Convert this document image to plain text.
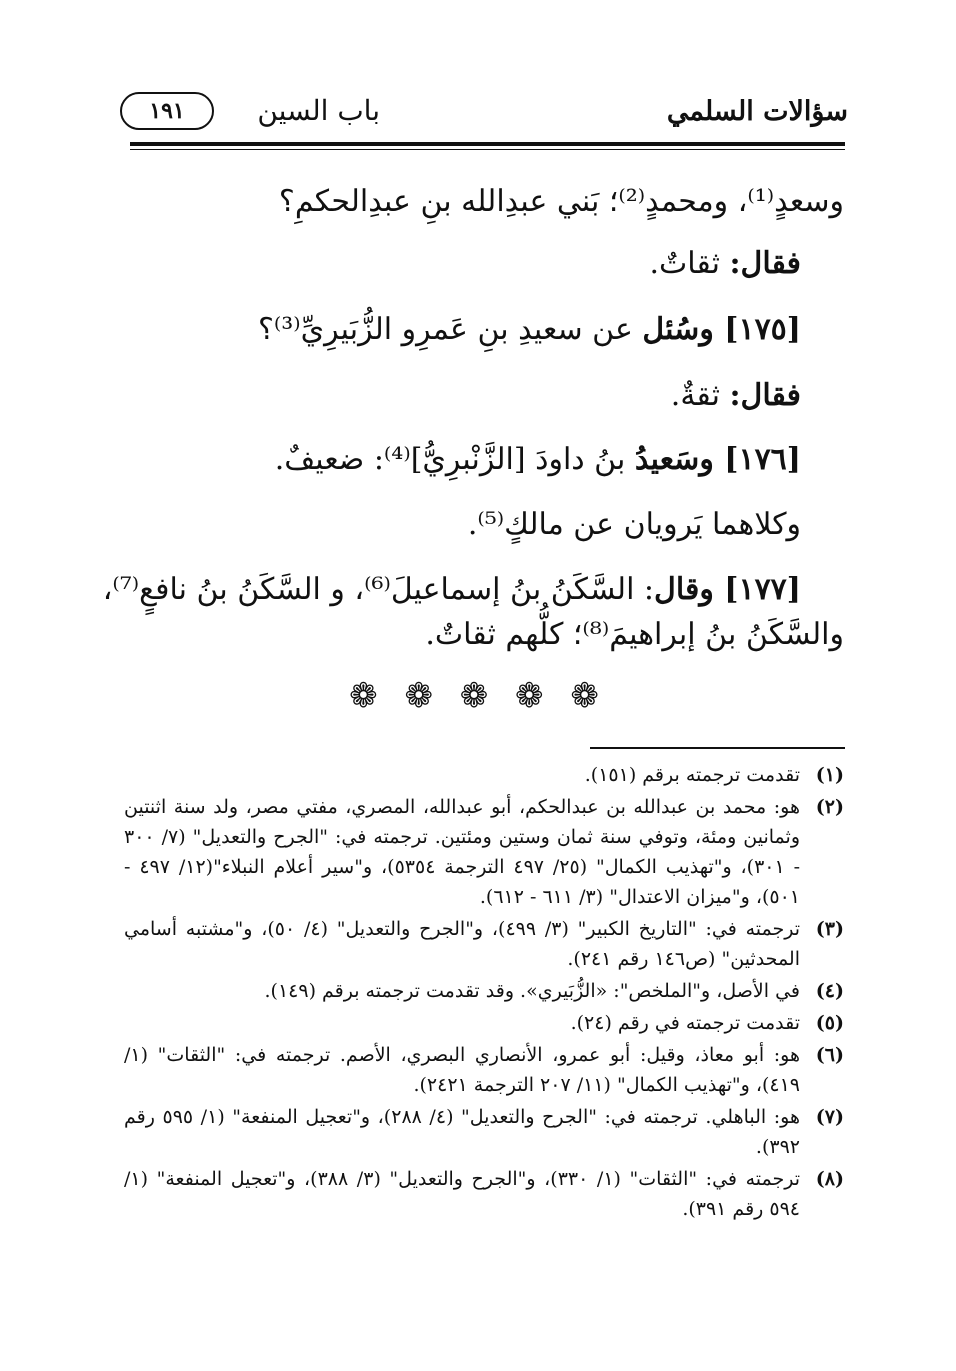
سؤالات السلمي
باب السين
١٩١
وسعدٍ⁽¹⁾، ومحمدٍ⁽²⁾؛ بَني عبدِالله بنِ عبدِالحكمِ؟
فقال: ثقاتٌ.
[١٧٥] وسُئل عن سعيدِ بنِ عَمرِو الزُّبَيرِيِّ⁽³⁾؟
فقال: ثقةٌ.
[١٧٦] وسَعيدُ بنُ داودَ [الزَّنْبرِيُّ]⁽⁴⁾: ضعيفٌ.
وكلاهما يَرويان عن مالكٍ⁽⁵⁾.
[١٧٧] وقال: السَّكَنُ بنُ إسماعيلَ⁽⁶⁾، و السَّكَنُ بنُ نافعٍ⁽⁷⁾،
والسَّكَنُ بنُ إبراهيمَ⁽⁸⁾؛ كلُّهم ثقاتٌ.
❁ ❁ ❁ ❁ ❁
(١)
تقدمت ترجمته برقم (١٥١).
(٢)
هو: محمد بن عبدالله بن عبدالحكم، أبو عبدالله، المصري، مفتي مصر، ولد سنة اثنتين وثمانين ومئة، وتوفي سنة ثمان وستين ومئتين. ترجمته في: "الجرح والتعديل" (٧/ ٣٠٠ - ٣٠١)، و"تهذيب الكمال" (٢٥/ ٤٩٧ الترجمة ٥٣٥٤)، و"سير أعلام النبلاء"(١٢/ ٤٩٧ - ٥٠١)، و"ميزان الاعتدال" (٣/ ٦١١ - ٦١٢).
(٣)
ترجمته في: "التاريخ الكبير" (٣/ ٤٩٩)، و"الجرح والتعديل" (٤/ ٥٠)، و"مشتبه أسامي المحدثين" (ص١٤٦ رقم ٢٤١).
(٤)
في الأصل، و"الملخص": «الزُّبَيري». وقد تقدمت ترجمته برقم (١٤٩).
(٥)
تقدمت ترجمته في رقم (٢٤).
(٦)
هو: أبو معاذ، وقيل: أبو عمرو، الأنصاري البصري، الأصم. ترجمته في: "الثقات" (١/ ٤١٩)، و"تهذيب الكمال" (١١/ ٢٠٧ الترجمة ٢٤٢١).
(٧)
هو: الباهلي. ترجمته في: "الجرح والتعديل" (٤/ ٢٨٨)، و"تعجيل المنفعة" (١/ ٥٩٥ رقم ٣٩٢).
(٨)
ترجمته في: "الثقات" (١/ ٣٣٠)، و"الجرح والتعديل" (٣/ ٣٨٨)، و"تعجيل المنفعة" (١/ ٥٩٤ رقم ٣٩١).
